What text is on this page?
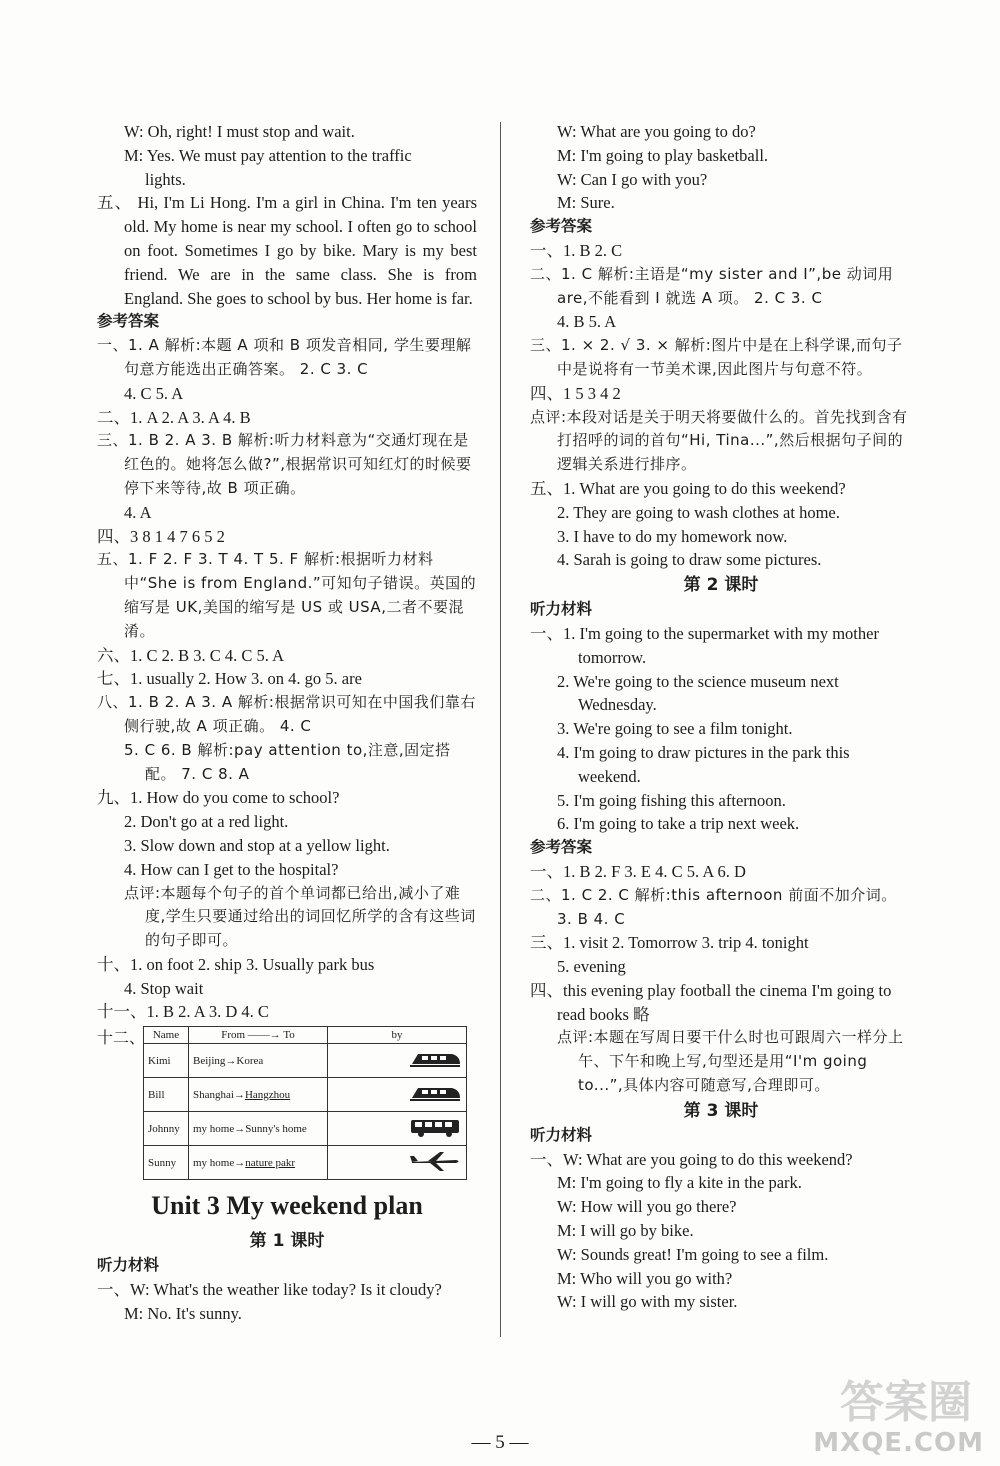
W: Oh, right! I must stop and wait.
M: Yes. We must pay attention to the traffic
lights.
五、 Hi, I'm Li Hong. I'm a girl in China. I'm ten years old. My home is near my school. I often go to school on foot. Sometimes I go by bike. Mary is my best friend. We are in the same class. She is from England. She goes to school by bus. Her home is far.
参考答案
一、1. A 解析:本题 A 项和 B 项发音相同, 学生要理解句意方能选出正确答案。 2. C 3. C
4. C 5. A
二、1. A 2. A 3. A 4. B
三、1. B 2. A 3. B 解析:听力材料意为“交通灯现在是红色的。她将怎么做?”,根据常识可知红灯的时候要停下来等待,故 B 项正确。
4. A
四、3 8 1 4 7 6 5 2
五、1. F 2. F 3. T 4. T 5. F 解析:根据听力材料中“She is from England.”可知句子错误。英国的缩写是 UK,美国的缩写是 US 或 USA,二者不要混淆。
六、1. C 2. B 3. C 4. C 5. A
七、1. usually 2. How 3. on 4. go 5. are
八、1. B 2. A 3. A 解析:根据常识可知在中国我们靠右侧行驶,故 A 项正确。 4. C
5. C 6. B 解析:pay attention to,注意,固定搭配。 7. C 8. A
九、1. How do you come to school?
2. Don't go at a red light.
3. Slow down and stop at a yellow light.
4. How can I get to the hospital?
点评:本题每个句子的首个单词都已给出,减小了难度,学生只要通过给出的词回忆所学的含有这些词的句子即可。
十、1. on foot 2. ship 3. Usually park bus
4. Stop wait
十一、1. B 2. A 3. D 4. C
十二、 Name	From ——→ To	by
Kimi	Beijing→Korea	
Bill	Shanghai→Hangzhou	
Johnny	my home→Sunny's home	
Sunny	my home→nature pakr	
Unit 3 My weekend plan
第 1 课时
听力材料
一、W: What's the weather like today? Is it cloudy?
M: No. It's sunny.
W: What are you going to do?
M: I'm going to play basketball.
W: Can I go with you?
M: Sure.
参考答案
一、1. B 2. C
二、1. C 解析:主语是“my sister and I”,be 动词用 are,不能看到 I 就选 A 项。 2. C 3. C
4. B 5. A
三、1. × 2. √ 3. × 解析:图片中是在上科学课,而句子中是说将有一节美术课,因此图片与句意不符。
四、1 5 3 4 2
点评:本段对话是关于明天将要做什么的。首先找到含有打招呼的词的首句“Hi, Tina...”,然后根据句子间的逻辑关系进行排序。
五、1. What are you going to do this weekend?
2. They are going to wash clothes at home.
3. I have to do my homework now.
4. Sarah is going to draw some pictures.
第 2 课时
听力材料
一、1. I'm going to the supermarket with my mother
tomorrow.
2. We're going to the science museum next
Wednesday.
3. We're going to see a film tonight.
4. I'm going to draw pictures in the park this
weekend.
5. I'm going fishing this afternoon.
6. I'm going to take a trip next week.
参考答案
一、1. B 2. F 3. E 4. C 5. A 6. D
二、1. C 2. C 解析:this afternoon 前面不加介词。 3. B 4. C
三、1. visit 2. Tomorrow 3. trip 4. tonight
5. evening
四、this evening play football the cinema I'm going to read books 略
点评:本题在写周日要干什么时也可跟周六一样分上午、下午和晚上写,句型还是用“I'm going to...”,具体内容可随意写,合理即可。
第 3 课时
听力材料
一、W: What are you going to do this weekend?
M: I'm going to fly a kite in the park.
W: How will you go there?
M: I will go by bike.
W: Sounds great! I'm going to see a film.
M: Who will you go with?
W: I will go with my sister.
— 5 —
答案圈
MXQE.COM
